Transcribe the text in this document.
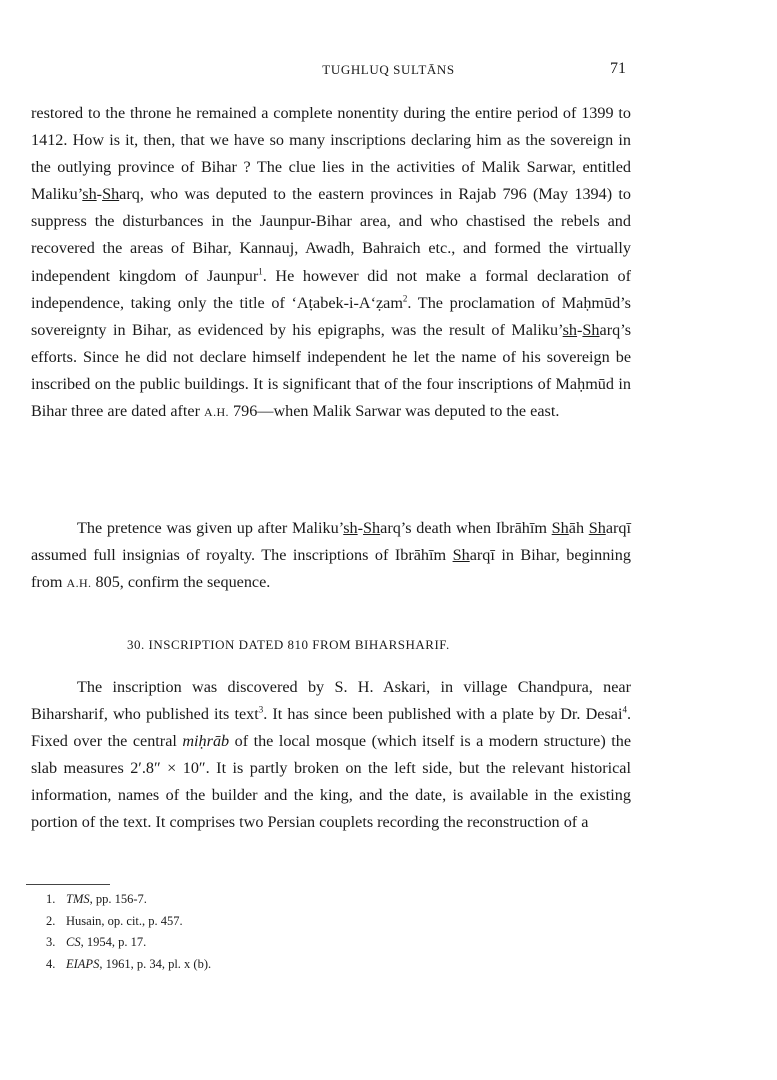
TUGHLUQ SULTĀNS	71

restored to the throne he remained a complete nonentity during the entire period of 1399 to 1412. How is it, then, that we have so many inscriptions declaring him as the sovereign in the outlying province of Bihar ? The clue lies in the activities of Malik Sarwar, entitled Maliku’sh-Sharq, who was deputed to the eastern provinces in Rajab 796 (May 1394) to suppress the disturbances in the Jaunpur-Bihar area, and who chastised the rebels and recovered the areas of Bihar, Kannauj, Awadh, Bahraich etc., and formed the virtually independent kingdom of Jaunpur$^1$. He however did not make a formal declaration of independence, taking only the title of ‘Aṭabek-i-A‘ẓam$^2$. The proclamation of Maḥmūd’s sovereignty in Bihar, as evidenced by his epigraphs, was the result of Maliku’sh-Sharq’s efforts. Since he did not declare himself independent he let the name of his sovereign be inscribed on the public buildings. It is significant that of the four inscriptions of Maḥmūd in Bihar three are dated after A.H. 796—when Malik Sarwar was deputed to the east.

The pretence was given up after Maliku’sh-Sharq’s death when Ibrāhīm Shāh Sharqī assumed full insignias of royalty. The inscriptions of Ibrāhīm Sharqī in Bihar, beginning from A.H. 805, confirm the sequence.

30. INSCRIPTION DATED 810 FROM BIHARSHARIF.

The inscription was discovered by S. H. Askari, in village Chandpura, near Biharsharif, who published its text$^3$. It has since been published with a plate by Dr. Desai$^4$. Fixed over the central miḥrāb of the local mosque (which itself is a modern structure) the slab measures 2′.8″ × 10″. It is partly broken on the left side, but the relevant historical information, names of the builder and the king, and the date, is available in the existing portion of the text. It comprises two Persian couplets recording the reconstruction of a

1. TMS, pp. 156-7.
2. Husain, op. cit., p. 457.
3. CS, 1954, p. 17.
4. EIAPS, 1961, p. 34, pl. x (b).
